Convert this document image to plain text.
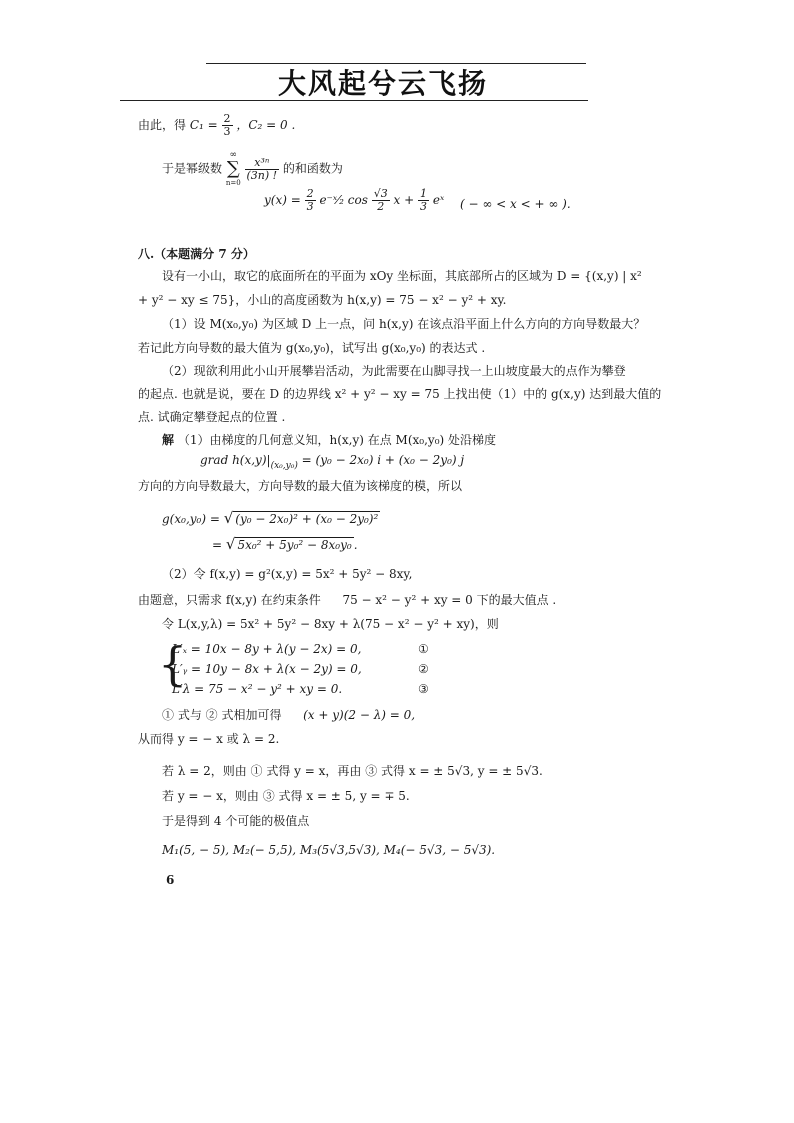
大风起兮云飞扬
由此，得 $C_1 = \frac{2}{3}$ ，C₂ = 0 .
于是幂级数
∞
∑
n=0

$\frac{\text{x³ⁿ}}{(3n) !}$ 的和函数为
$y(x) = \frac{2}{3}$ e⁻ˣ⁄₂ $\cos \frac{√3}{2}$ $x + \frac{1}{3}$ eˣ ( − ∞ < x < + ∞ ).
八.（本题满分 7 分）
设有一小山，取它的底面所在的平面为 xOy 坐标面，其底部所占的区域为 D = {(x,y) | x²
+ y² − xy ≤ 75}，小山的高度函数为 h(x,y) = 75 − x² − y² + xy.
（1）设 M(x₀,y₀) 为区域 D 上一点，问 h(x,y) 在该点沿平面上什么方向的方向导数最大？
若记此方向导数的最大值为 g(x₀,y₀)，试写出 g(x₀,y₀) 的表达式 .
（2）现欲利用此小山开展攀岩活动，为此需要在山脚寻找一上山坡度最大的点作为攀登
的起点. 也就是说，要在 D 的边界线 x² + y² − xy = 75 上找出使（1）中的 g(x,y) 达到最大值的
点. 试确定攀登起点的位置 .
解 （1）由梯度的几何意义知，h(x,y) 在点 M(x₀,y₀) 处沿梯度
grad $h(x,y)|_{(x_0,y_0)} = (y_0 - 2x_0) i + (x_0 - 2y_0)$ j
方向的方向导数最大，方向导数的最大值为该梯度的模，所以
g(x₀,y₀) = √ (y₀ − 2x₀)² + (x₀ − 2y₀)²
= √ 5x₀² + 5y₀² − 8x₀y₀ .
（2）令 f(x,y) = g²(x,y) = 5x² + 5y² − 8xy,
由题意，只需求 f(x,y) 在约束条件 75 − x² − y² + xy = 0 下的最大值点 .
令 L(x,y,λ) = 5x² + 5y² − 8xy + λ(75 − x² − y² + xy)，则
{
L′ₓ = 10x − 8y + λ(y − 2x) = 0,
L′ᵧ = 10y − 8x + λ(x − 2y) = 0,
L′λ = 75 − x² − y² + xy = 0.
①
②
③
① 式与 ② 式相加可得 (x + y)(2 − λ) = 0,
从而得 y = − x 或 λ = 2.
若 λ = 2，则由 ① 式得 y = x，再由 ③ 式得 x = ± 5√3, y = ± 5√3.
若 y = − x，则由 ③ 式得 x = ± 5, y = ∓ 5.
于是得到 4 个可能的极值点
M₁(5, − 5), M₂(− 5,5), M₃(5√3,5√3), M₄(− 5√3, − 5√3).
6
